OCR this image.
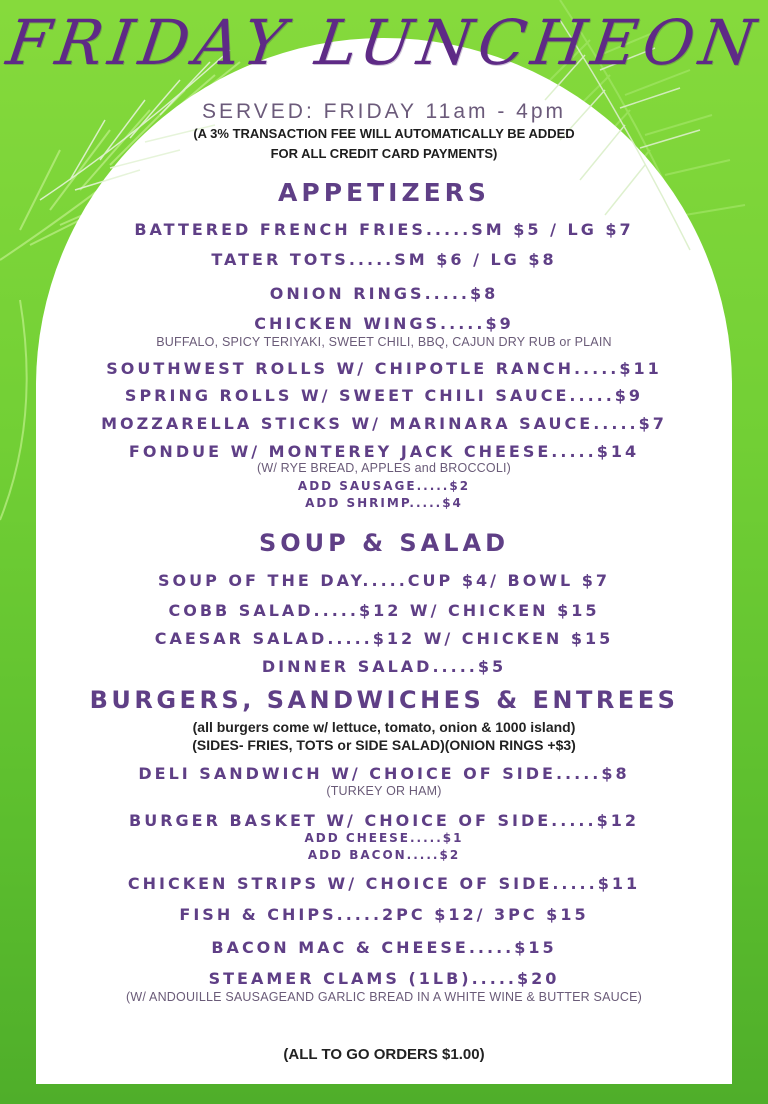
FRIDAY LUNCHEON
SERVED: FRIDAY 11am - 4pm
(A 3% TRANSACTION FEE WILL AUTOMATICALLY BE ADDED
FOR ALL CREDIT CARD PAYMENTS)
APPETIZERS
BATTERED FRENCH FRIES.....SM $5 / LG $7
TATER TOTS.....SM $6 / LG $8
ONION RINGS.....$8
CHICKEN WINGS.....$9
BUFFALO, SPICY TERIYAKI, SWEET CHILI, BBQ, CAJUN DRY RUB or PLAIN
SOUTHWEST ROLLS W/ CHIPOTLE RANCH.....$11
SPRING ROLLS W/ SWEET CHILI SAUCE.....$9
MOZZARELLA STICKS W/ MARINARA SAUCE.....$7
FONDUE W/ MONTEREY JACK CHEESE.....$14
(W/ RYE BREAD, APPLES and BROCCOLI)
ADD SAUSAGE.....$2
ADD SHRIMP.....$4
SOUP & SALAD
SOUP OF THE DAY.....CUP $4/ BOWL $7
COBB SALAD.....$12 W/ CHICKEN $15
CAESAR SALAD.....$12 W/ CHICKEN $15
DINNER SALAD.....$5
BURGERS, SANDWICHES & ENTREES
(all burgers come w/ lettuce, tomato, onion & 1000 island)
(SIDES- FRIES, TOTS or SIDE SALAD)(ONION RINGS +$3)
DELI SANDWICH W/ CHOICE OF SIDE.....$8
(TURKEY OR HAM)
BURGER BASKET W/ CHOICE OF SIDE.....$12
ADD CHEESE.....$1
ADD BACON.....$2
CHICKEN STRIPS W/ CHOICE OF SIDE.....$11
FISH & CHIPS.....2PC $12/ 3PC $15
BACON MAC & CHEESE.....$15
STEAMER CLAMS (1LB).....$20
(W/ ANDOUILLE SAUSAGEAND GARLIC BREAD IN A WHITE WINE & BUTTER SAUCE)
(ALL TO GO ORDERS $1.00)
